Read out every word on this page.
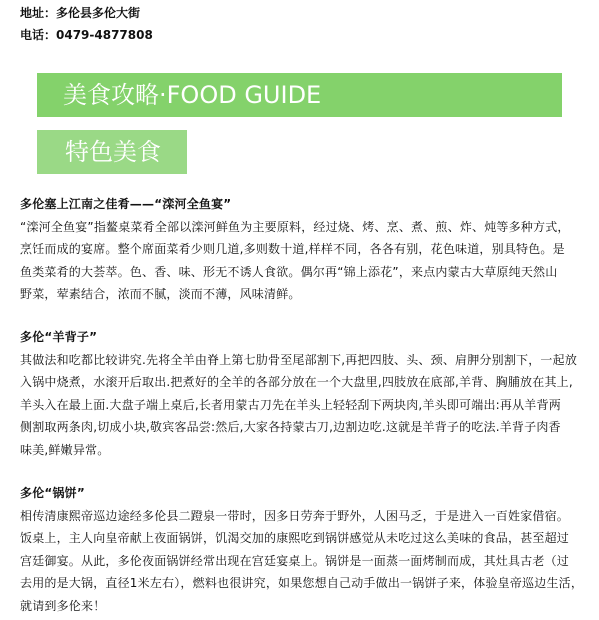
地址：多伦县多伦大街
电话：0479-4877808
美食攻略·FOOD GUIDE
特色美食
多伦塞上江南之佳肴——“滦河全鱼宴”
“滦河全鱼宴”指鳌桌菜肴全部以滦河鲜鱼为主要原料，经过烧、烤、烹、煮、煎、炸、炖等多种方式，
烹饪而成的宴席。整个席面菜肴少则几道,多则数十道,样样不同，各各有别，花色味道，别具特色。是
鱼类菜肴的大荟萃。色、香、味、形无不诱人食欲。偶尔再“锦上添花”，来点内蒙古大草原纯天然山
野菜，荤素结合，浓而不腻，淡而不薄，风味清鲜。
多伦“羊背子”
其做法和吃都比较讲究.先将全羊由脊上第七肋骨至尾部割下,再把四肢、头、颈、肩胛分别割下，一起放
入锅中烧煮，水滚开后取出.把煮好的全羊的各部分放在一个大盘里,四肢放在底部,羊背、胸脯放在其上,
羊头入在最上面.大盘子端上桌后,长者用蒙古刀先在羊头上轻轻刮下两块肉,羊头即可端出:再从羊背两
侧割取两条肉,切成小块,敬宾客品尝:然后,大家各持蒙古刀,边割边吃.这就是羊背子的吃法.羊背子肉香
味美,鲜嫩异常。
多伦“锅饼”
相传清康熙帝巡边途经多伦县二蹬泉一带时，因多日劳奔于野外，人困马乏，于是进入一百姓家借宿。
饭桌上，主人向皇帝献上夜面锅饼，饥渴交加的康熙吃到锅饼感觉从未吃过这么美味的食品，甚至超过
宫廷御宴。从此，多伦夜面锅饼经常出现在宫廷宴桌上。锅饼是一面蒸一面烤制而成，其灶具古老（过
去用的是大锅，直径1米左右），燃料也很讲究，如果您想自己动手做出一锅饼子来，体验皇帝巡边生活，
就请到多伦来！
